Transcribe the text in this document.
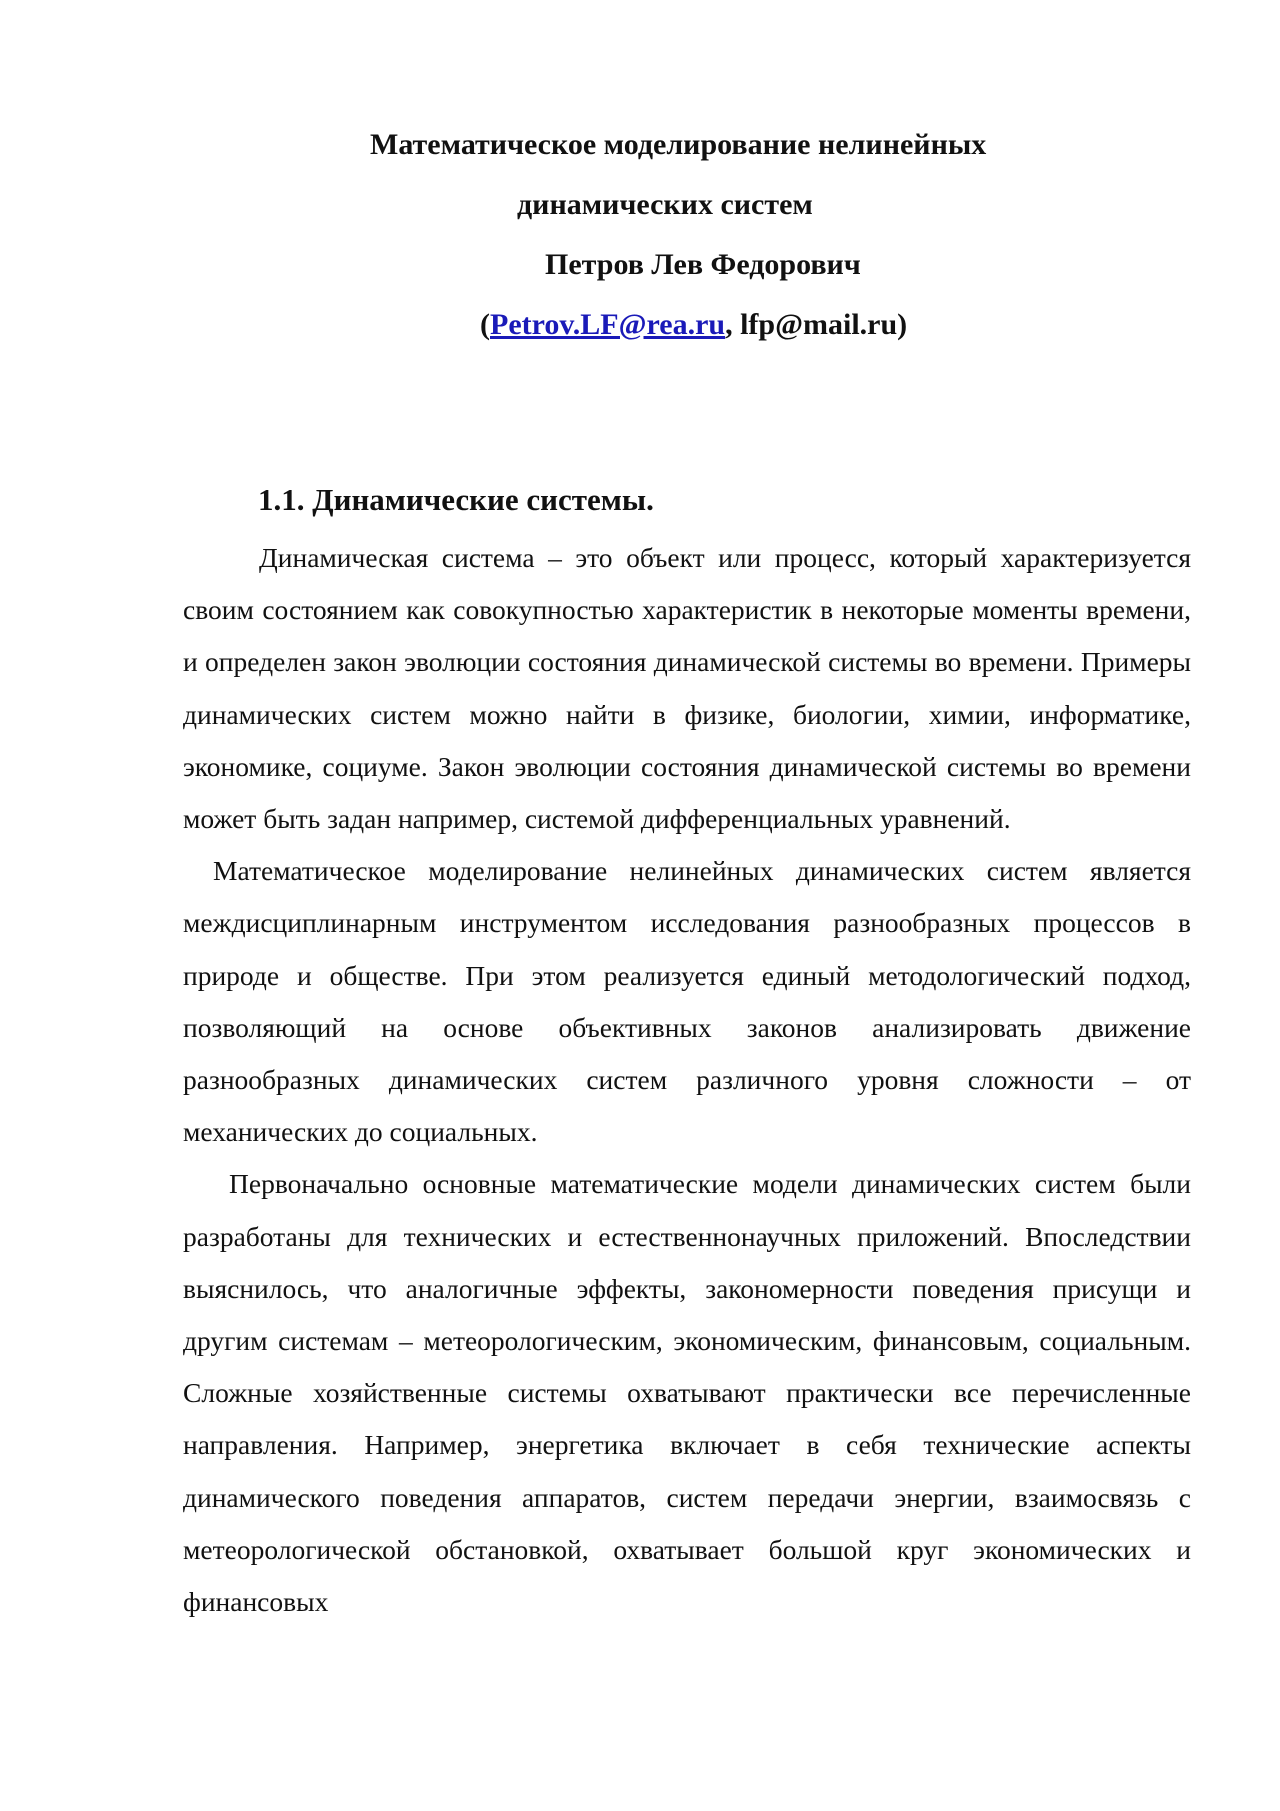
Математическое моделирование нелинейных
динамических систем
Петров Лев Федорович
(Petrov.LF@rea.ru, lfp@mail.ru)
1.1. Динамические системы.

Динамическая система – это объект или процесс, который характеризуется своим состоянием как совокупностью характеристик в некоторые моменты времени, и определен закон эволюции состояния динамической системы во времени. Примеры динамических систем можно найти в физике, биологии, химии, информатике, экономике, социуме. Закон эволюции состояния динамической системы во времени может быть задан например, системой дифференциальных уравнений.

Математическое моделирование нелинейных динамических систем является междисциплинарным инструментом исследования разнообразных процессов в природе и обществе. При этом реализуется единый методологический подход, позволяющий на основе объективных законов анализировать движение разнообразных динамических систем различного уровня сложности – от механических до социальных.

Первоначально основные математические модели динамических систем были разработаны для технических и естественнонаучных приложений. Впоследствии выяснилось, что аналогичные эффекты, закономерности поведения присущи и другим системам – метеорологическим, экономическим, финансовым, социальным. Сложные хозяйственные системы охватывают практически все перечисленные направления. Например, энергетика включает в себя технические аспекты динамического поведения аппаратов, систем передачи энергии, взаимосвязь с метеорологической обстановкой, охватывает большой круг экономических и финансовых
